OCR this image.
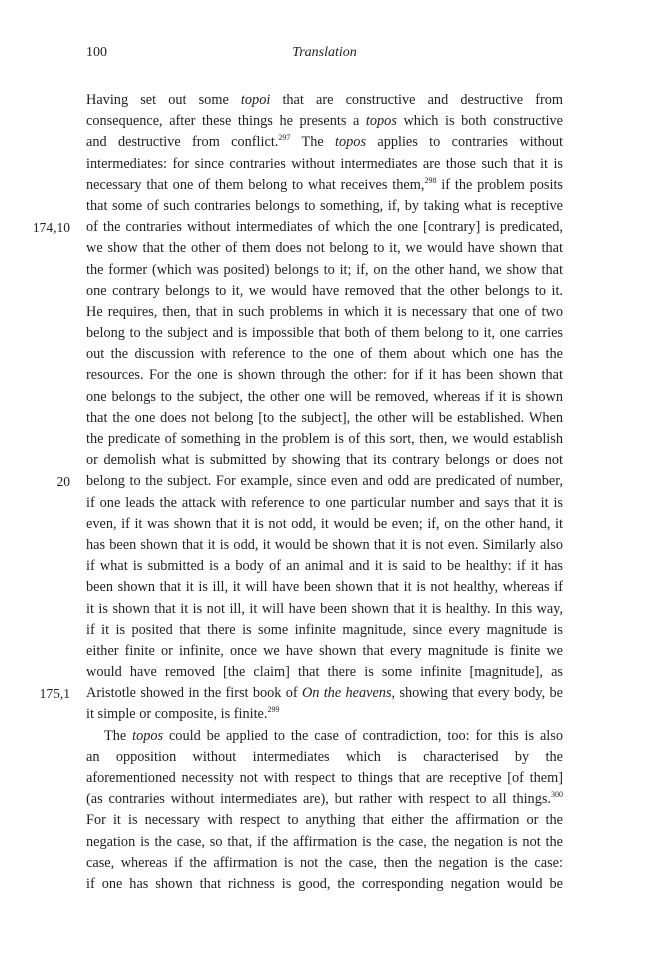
100	Translation
Having set out some topoi that are constructive and destructive from
consequence, after these things he presents a topos which is both constructive
and destructive from conflict.$^{297}$ The topos applies to contraries without
intermediates: for since contraries without intermediates are those such that it is
necessary that one of them belong to what receives them,$^{298}$ if the problem posits
that some of such contraries belongs to something, if, by taking what is receptive
174,10 of the contraries without intermediates of which the one [contrary] is predicated,
we show that the other of them does not belong to it, we would have shown that
the former (which was posited) belongs to it; if, on the other hand, we show that
one contrary belongs to it, we would have removed that the other belongs to it.
He requires, then, that in such problems in which it is necessary that one of two
belong to the subject and is impossible that both of them belong to it, one carries
out the discussion with reference to the one of them about which one has the
resources. For the one is shown through the other: for if it has been shown that
one belongs to the subject, the other one will be removed, whereas if it is shown
that the one does not belong [to the subject], the other will be established. When
the predicate of something in the problem is of this sort, then, we would establish
or demolish what is submitted by showing that its contrary belongs or does not
20 belong to the subject. For example, since even and odd are predicated of number,
if one leads the attack with reference to one particular number and says that it is
even, if it was shown that it is not odd, it would be even; if, on the other hand, it
has been shown that it is odd, it would be shown that it is not even. Similarly also
if what is submitted is a body of an animal and it is said to be healthy: if it has
been shown that it is ill, it will have been shown that it is not healthy, whereas if
it is shown that it is not ill, it will have been shown that it is healthy. In this way,
if it is posited that there is some infinite magnitude, since every magnitude is
either finite or infinite, once we have shown that every magnitude is finite we
would have removed [the claim] that there is some infinite [magnitude], as
175,1 Aristotle showed in the first book of On the heavens, showing that every body, be
it simple or composite, is finite.$^{299}$
The topos could be applied to the case of contradiction, too: for this is also
an opposition without intermediates which is characterised by the
aforementioned necessity not with respect to things that are receptive [of them]
(as contraries without intermediates are), but rather with respect to all things.$^{300}$
For it is necessary with respect to anything that either the affirmation or the
negation is the case, so that, if the affirmation is the case, the negation is not the
case, whereas if the affirmation is not the case, then the negation is the case:
if one has shown that richness is good, the corresponding negation would be
